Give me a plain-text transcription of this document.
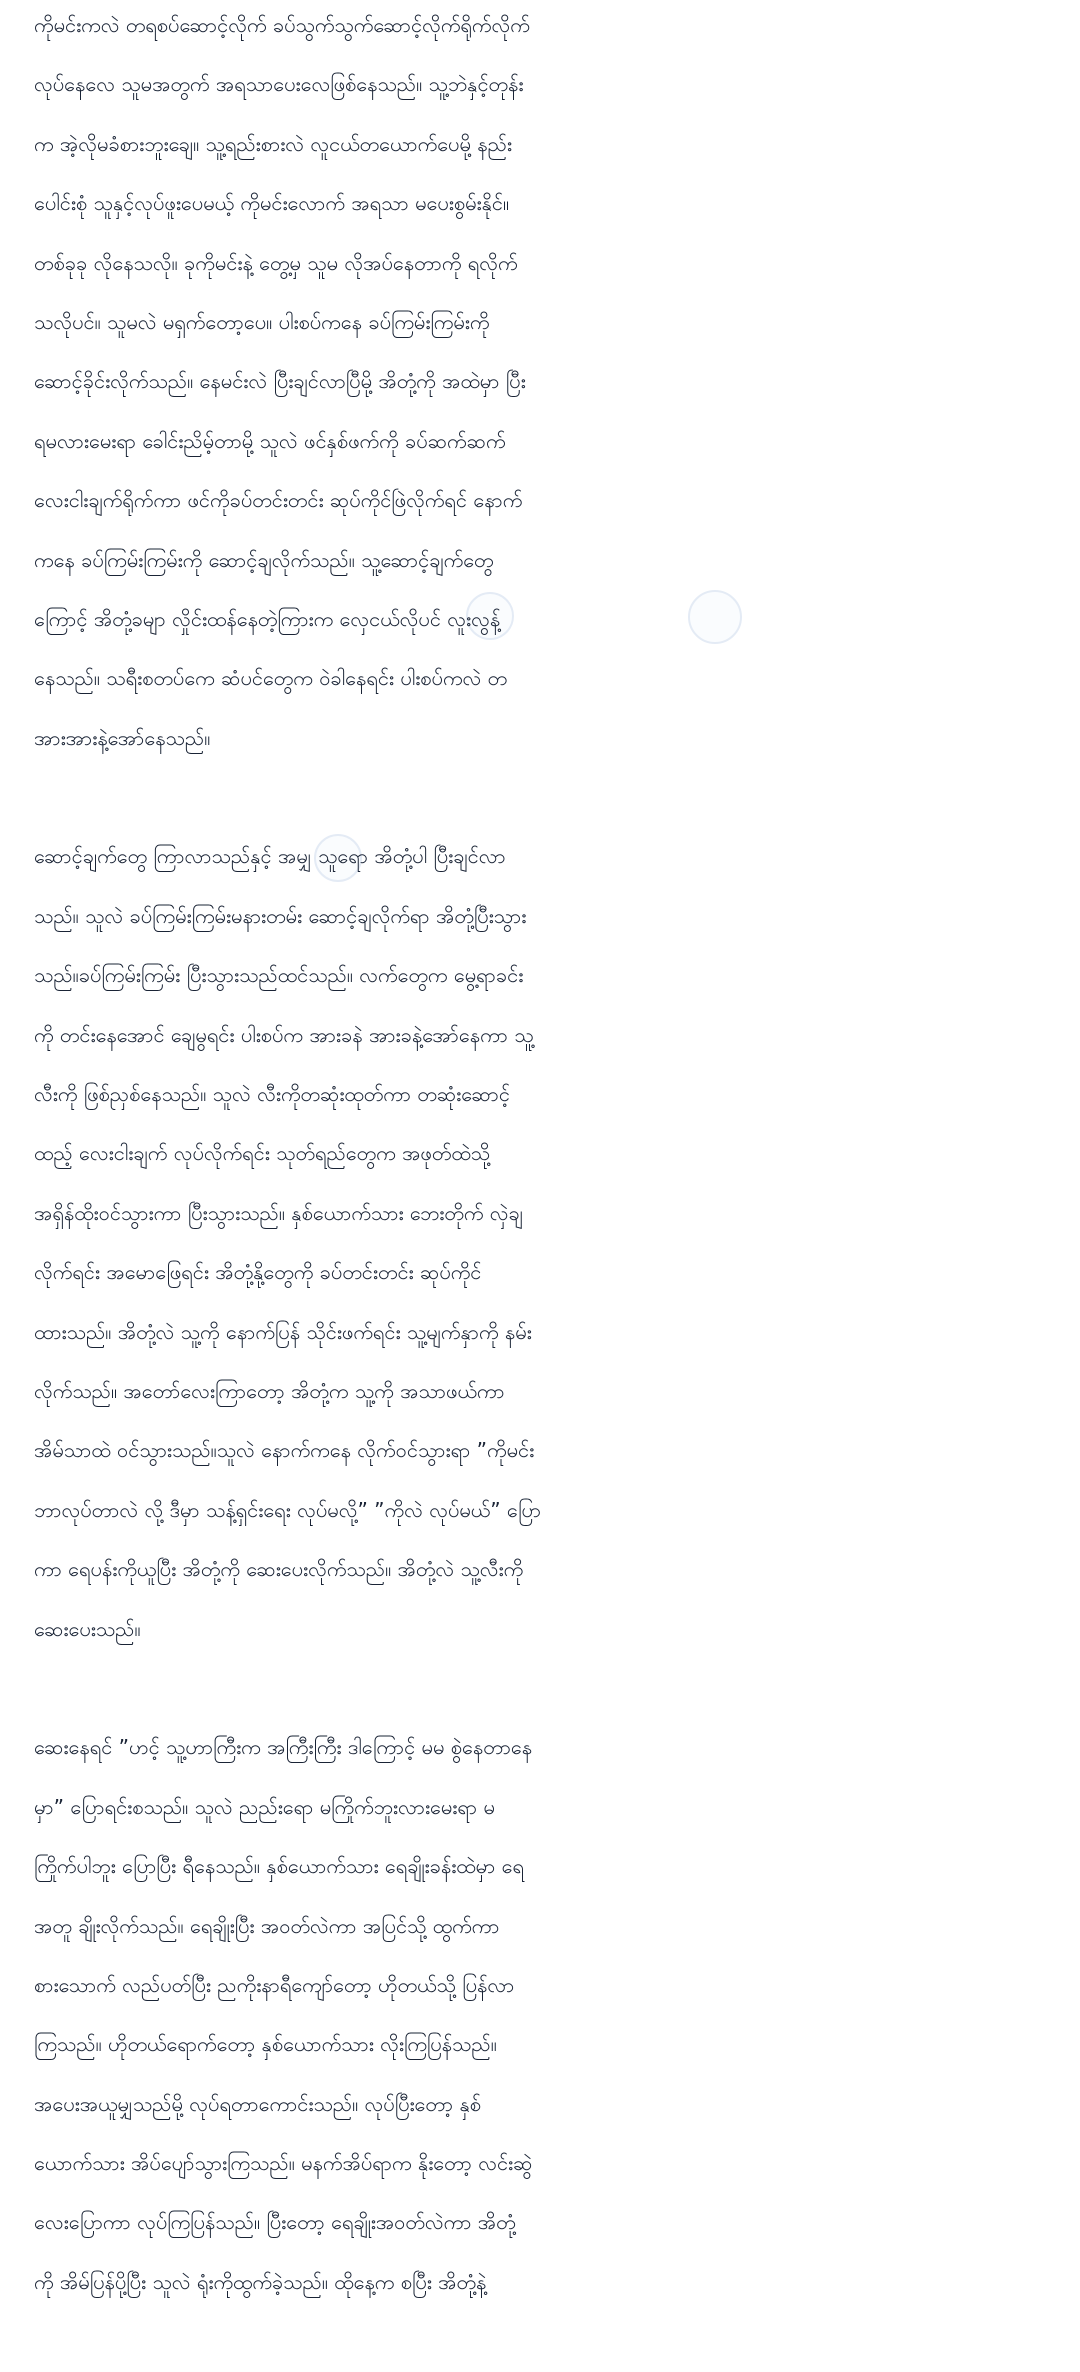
ကိုမင်းကလဲ တရစပ်ဆောင့်လိုက် ခပ်သွက်သွက်ဆောင့်လိုက်ရိုက်လိုက်
လုပ်နေလေ သူမအတွက် အရသာပေးလေဖြစ်နေသည်။ သူ့ဘဲနှင့်တုန်း
က အဲ့လိုမခံစားဘူးချေ။ သူ့ရည်းစားလဲ လူငယ်တယောက်ပေမို့ နည်း
ပေါင်းစုံ သူနှင့်လုပ်ဖူးပေမယ့် ကိုမင်းလောက် အရသာ မပေးစွမ်းနိုင်။
တစ်ခုခု လိုနေသလို။ ခုကိုမင်းနဲ့ တွေ့မှ သူမ လိုအပ်နေတာကို ရလိုက်
သလိုပင်။ သူမလဲ မရှက်တော့ပေ။ ပါးစပ်ကနေ ခပ်ကြမ်းကြမ်းကို
ဆောင့်ခိုင်းလိုက်သည်။ နေမင်းလဲ ပြီးချင်လာပြီမို့ အိတုံ့ကို အထဲမှာ ပြီး
ရမလားမေးရာ ခေါင်းညိမ့်တာမို့ သူလဲ ဖင်နှစ်ဖက်ကို ခပ်ဆက်ဆက်
လေးငါးချက်ရိုက်ကာ ဖင်ကိုခပ်တင်းတင်း ဆုပ်ကိုင်ဖြဲလိုက်ရင် နောက်
ကနေ ခပ်ကြမ်းကြမ်းကို ဆောင့်ချလိုက်သည်။ သူ့ဆောင့်ချက်တွေ
ကြောင့် အိတုံ့ခမျာ လှိုင်းထန်နေတဲ့ကြားက လှေငယ်လိုပင် လူးလွန့်
နေသည်။ သရီးစတပ်ကေ ဆံပင်တွေက ဝဲခါနေရင်း ပါးစပ်ကလဲ တ
အားအားနဲ့အော်နေသည်။
ဆောင့်ချက်တွေ ကြာလာသည်နှင့် အမျှ သူရော အိတုံ့ပါ ပြီးချင်လာ
သည်။ သူလဲ ခပ်ကြမ်းကြမ်းမနားတမ်း ဆောင့်ချလိုက်ရာ အိတုံ့ပြီးသွား
သည်။ခပ်ကြမ်းကြမ်း ပြီးသွားသည်ထင်သည်။ လက်တွေက မွေ့ရာခင်း
ကို တင်းနေအောင် ချေမွရင်း ပါးစပ်က အားခနဲ အားခနဲ့အော်နေကာ သူ့
လီးကို ဖြစ်ညှစ်နေသည်။ သူလဲ လီးကိုတဆုံးထုတ်ကာ တဆုံးဆောင့်
ထည့် လေးငါးချက် လုပ်လိုက်ရင်း သုတ်ရည်တွေက အဖုတ်ထဲသို့
အရှိန်ထိုးဝင်သွားကာ ပြီးသွားသည်။ နှစ်ယောက်သား ဘေးတိုက် လှဲချ
လိုက်ရင်း အမောဖြေရင်း အိတုံ့နို့တွေကို ခပ်တင်းတင်း ဆုပ်ကိုင်
ထားသည်။ အိတုံ့လဲ သူ့ကို နောက်ပြန် သိုင်းဖက်ရင်း သူ့မျက်နှာကို နမ်း
လိုက်သည်။ အတော်လေးကြာတော့ အိတုံ့က သူ့ကို အသာဖယ်ကာ
အိမ်သာထဲ ဝင်သွားသည်။သူလဲ နောက်ကနေ လိုက်ဝင်သွားရာ ”ကိုမင်း
ဘာလုပ်တာလဲ လို့ ဒီမှာ သန့်ရှင်းရေး လုပ်မလို့” ”ကိုလဲ လုပ်မယ်” ပြော
ကာ ရေပန်းကိုယူပြီး အိတုံ့ကို ဆေးပေးလိုက်သည်။ အိတုံ့လဲ သူ့လီးကို
ဆေးပေးသည်။
ဆေးနေရင် ”ဟင့် သူ့ဟာကြီးက အကြီးကြီး ဒါကြောင့် မမ စွဲနေတာနေ
မှာ” ပြောရင်းစသည်။ သူလဲ ညည်းရော မကြိုက်ဘူးလားမေးရာ မ
ကြိုက်ပါဘူး ပြောပြီး ရီနေသည်။ နှစ်ယောက်သား ရေချိုးခန်းထဲမှာ ရေ
အတူ ချိုးလိုက်သည်။ ရေချိုးပြီး အဝတ်လဲကာ အပြင်သို့ ထွက်ကာ
စားသောက် လည်ပတ်ပြီး ညကိုးနာရီကျော်တော့ ဟိုတယ်သို့ ပြန်လာ
ကြသည်။ ဟိုတယ်ရောက်တော့ နှစ်ယောက်သား လိုးကြပြန်သည်။
အပေးအယူမျှသည်မို့ လုပ်ရတာကောင်းသည်။ လုပ်ပြီးတော့ နှစ်
ယောက်သား အိပ်ပျော်သွားကြသည်။ မနက်အိပ်ရာက နိုးတော့ လင်းဆွဲ
လေးပြောကာ လုပ်ကြပြန်သည်။ ပြီးတော့ ရေချိုးအဝတ်လဲကာ အိတုံ့
ကို အိမ်ပြန်ပို့ပြီး သူလဲ ရုံးကိုထွက်ခဲ့သည်။ ထိုနေ့က စပြီး အိတုံ့နဲ့
